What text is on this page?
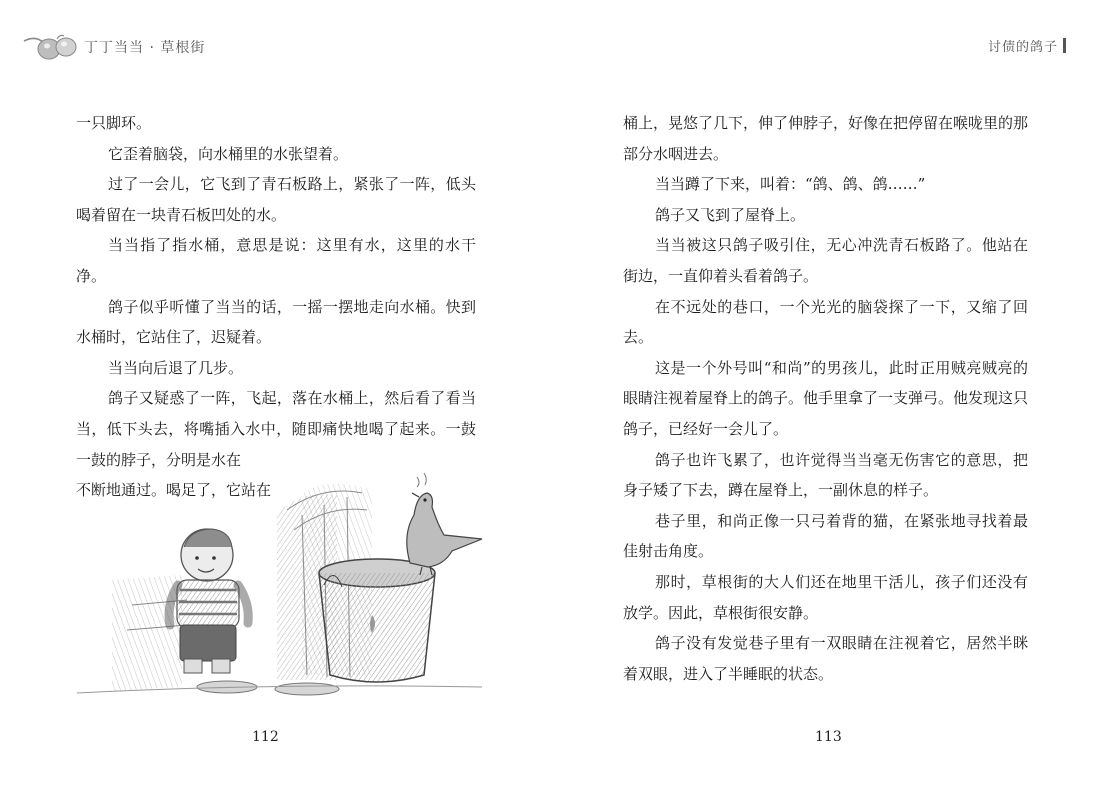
丁丁当当 · 草根街	讨债的鸽子

一只脚环。

它歪着脑袋，向水桶里的水张望着。

过了一会儿，它飞到了青石板路上，紧张了一阵，低头喝着留在一块青石板凹处的水。

当当指了指水桶，意思是说：这里有水，这里的水干净。

鸽子似乎听懂了当当的话，一摇一摆地走向水桶。快到水桶时，它站住了，迟疑着。

当当向后退了几步。

鸽子又疑惑了一阵，飞起，落在水桶上，然后看了看当当，低下头去，将嘴插入水中，随即痛快地喝了起来。一鼓一鼓的脖子，分明是水在

不断地通过。喝足了，它站在

112

桶上，晃悠了几下，伸了伸脖子，好像在把停留在喉咙里的那部分水咽进去。

当当蹲了下来，叫着：“鸽、鸽、鸽……”

鸽子又飞到了屋脊上。

当当被这只鸽子吸引住，无心冲洗青石板路了。他站在街边，一直仰着头看着鸽子。

在不远处的巷口，一个光光的脑袋探了一下，又缩了回去。

这是一个外号叫“和尚”的男孩儿，此时正用贼亮贼亮的眼睛注视着屋脊上的鸽子。他手里拿了一支弹弓。他发现这只鸽子，已经好一会儿了。

鸽子也许飞累了，也许觉得当当毫无伤害它的意思，把身子矮了下去，蹲在屋脊上，一副休息的样子。

巷子里，和尚正像一只弓着背的猫，在紧张地寻找着最佳射击角度。

那时，草根街的大人们还在地里干活儿，孩子们还没有放学。因此，草根街很安静。

鸽子没有发觉巷子里有一双眼睛在注视着它，居然半眯着双眼，进入了半睡眠的状态。

113
